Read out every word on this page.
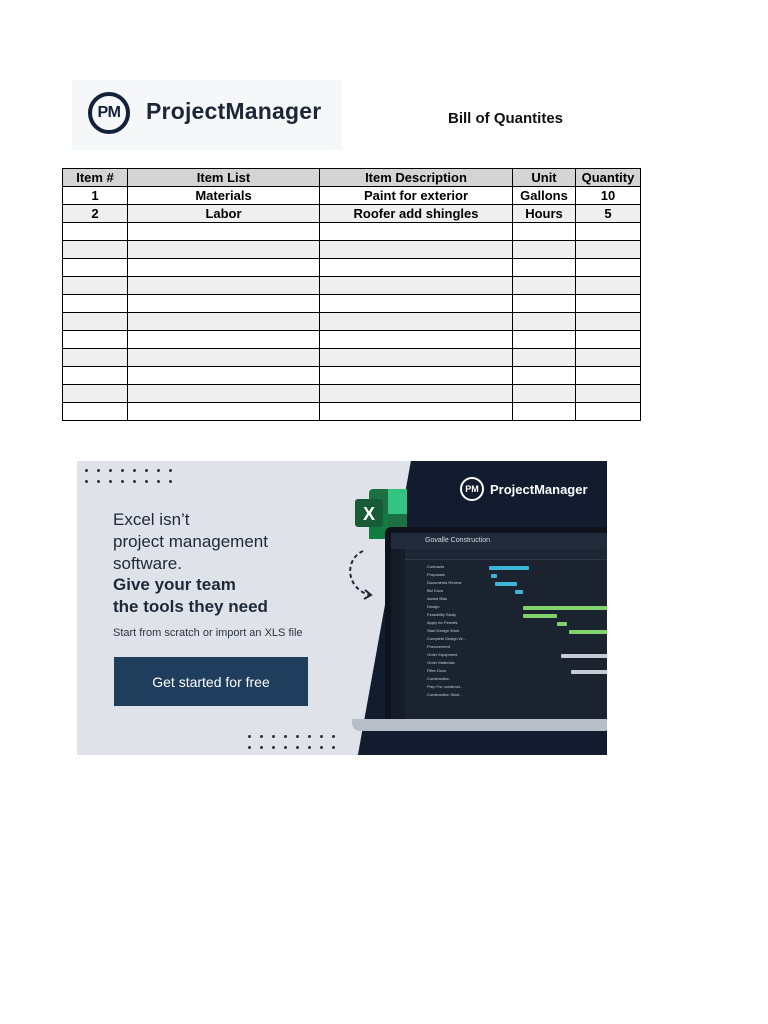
PM	ProjectManager	Bill of Quantites
Item #	Item List	Item Description	Unit	Quantity
1	Materials	Paint for exterior	Gallons	10
2	Labor	Roofer add shingles	Hours	5

Excel isn’t
project management
software.
Give your team
the tools they need
Start from scratch or import an XLS file
Get started for free
PM ProjectManager
X
Govalle Construction
Contracts
Proposals
Documents Review
Bid Docs
Award Bids
Design
Feasibility Study
Apply for Permits
Start Design Work
Complete Design W...
Procurement
Order Equipment
Order Materials
Filter Docs
Construction
Prep For construct...
Construction Start...
